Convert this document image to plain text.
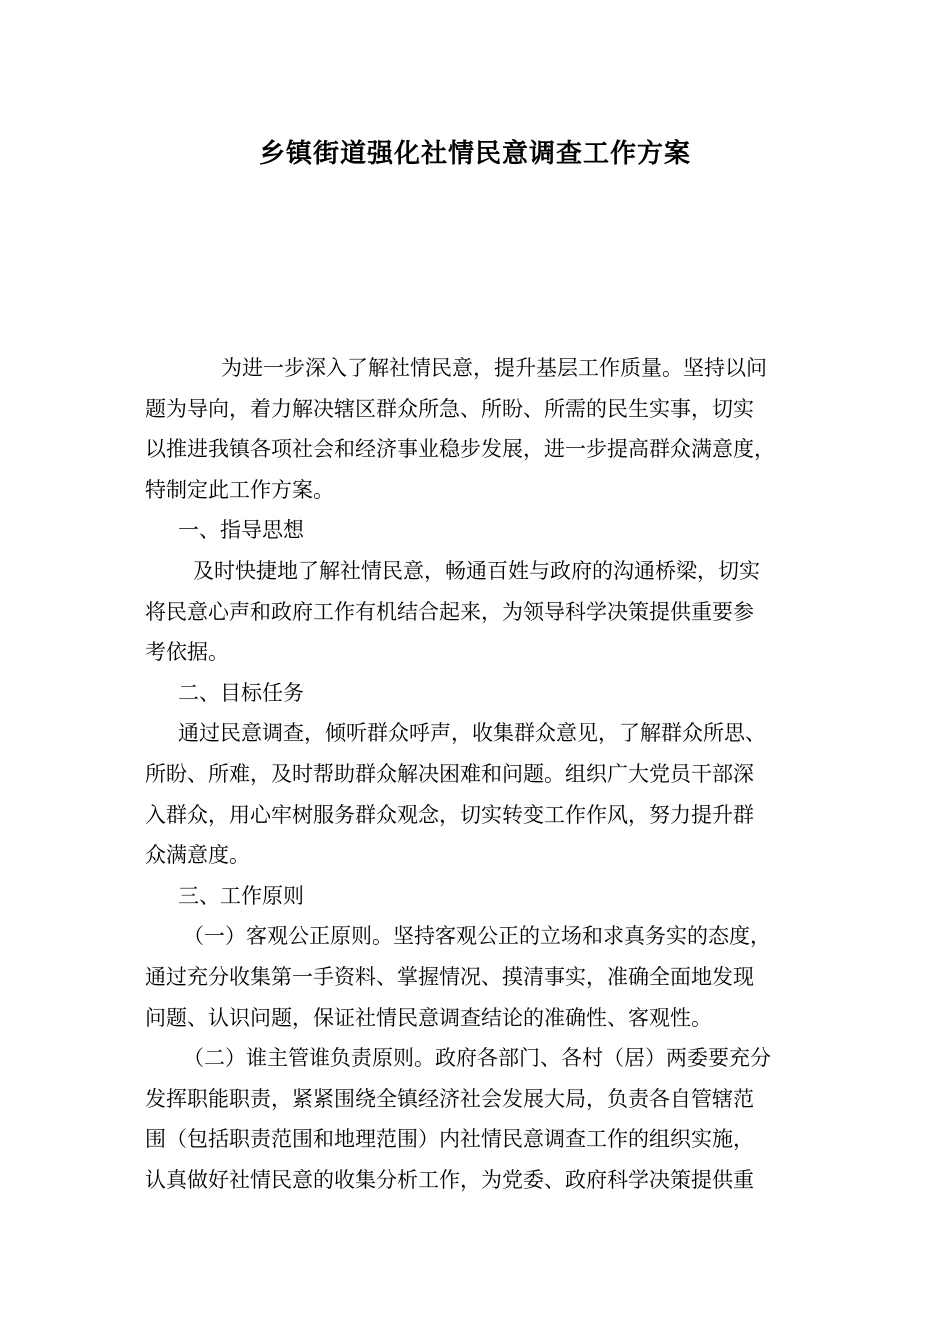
乡镇街道强化社情民意调查工作方案

为进一步深入了解社情民意，提升基层工作质量。坚持以问

题为导向，着力解决辖区群众所急、所盼、所需的民生实事，切实

以推进我镇各项社会和经济事业稳步发展，进一步提高群众满意度，

特制定此工作方案。

一、指导思想

及时快捷地了解社情民意，畅通百姓与政府的沟通桥梁，切实

将民意心声和政府工作有机结合起来，为领导科学决策提供重要参

考依据。

二、目标任务

通过民意调查，倾听群众呼声，收集群众意见，了解群众所思、

所盼、所难，及时帮助群众解决困难和问题。组织广大党员干部深

入群众，用心牢树服务群众观念，切实转变工作作风，努力提升群

众满意度。

三、工作原则

（一）客观公正原则。坚持客观公正的立场和求真务实的态度，

通过充分收集第一手资料、掌握情况、摸清事实，准确全面地发现

问题、认识问题，保证社情民意调查结论的准确性、客观性。

（二）谁主管谁负责原则。政府各部门、各村（居）两委要充分

发挥职能职责，紧紧围绕全镇经济社会发展大局，负责各自管辖范

围（包括职责范围和地理范围）内社情民意调查工作的组织实施，

认真做好社情民意的收集分析工作，为党委、政府科学决策提供重
